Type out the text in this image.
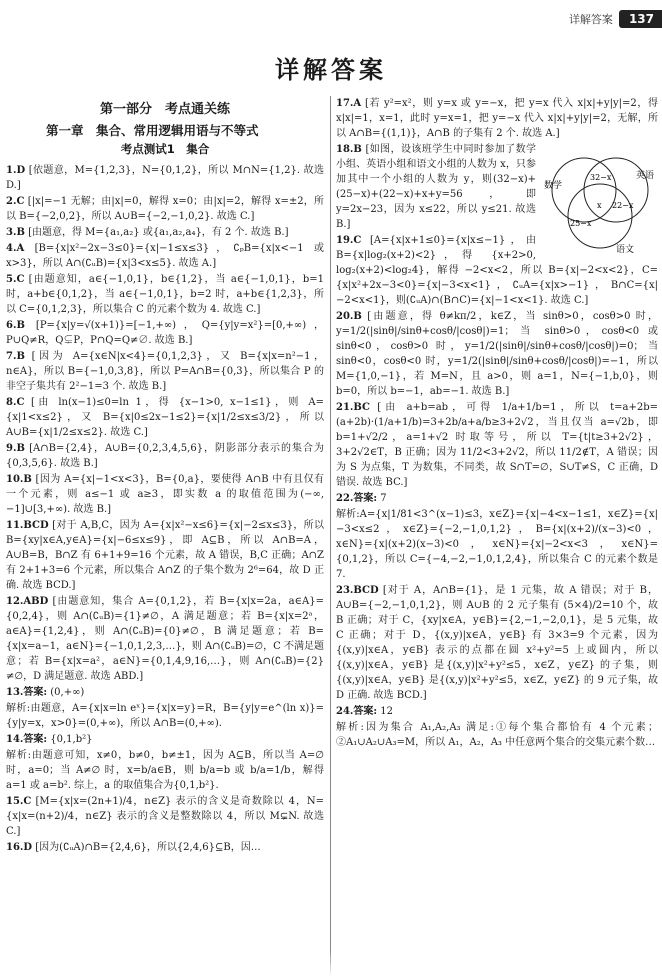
详解答案	137
详解答案
第一部分　考点通关练
第一章　集合、常用逻辑用语与不等式
考点测试1　集合
1.D [依题意，M={1,2,3}，N={0,1,2}，所以 M∩N={1,2}. 故选 D.]
2.C [|x|=−1 无解；由|x|=0，解得 x=0；由|x|=2，解得 x=±2，所以 B={−2,0,2}，所以 A∪B={−2,−1,0,2}. 故选 C.]
3.B [由题意，得 M={a₁,a₂} 或{a₁,a₂,a₄}，有 2 个. 故选 B.]
4.A [B={x|x²−2x−3≤0}={x|−1≤x≤3}，∁ₚB={x|x<−1 或 x>3}，所以 A∩(∁ᵤB)={x|3<x≤5}. 故选 A.]
5.C [由题意知，a∈{−1,0,1}，b∈{1,2}，当 a∈{−1,0,1}，b=1 时，a+b∈{0,1,2}，当 a∈{−1,0,1}，b=2 时，a+b∈{1,2,3}，所以 C={0,1,2,3}，所以集合 C 的元素个数为 4. 故选 C.]
6.B [P={x|y=√(x+1)}=[−1,+∞)，Q={y|y=x²}=[0,+∞)，P∪Q≠R，Q⊊P，P∩Q=Q≠∅. 故选 B.]
7.B [因为 A={x∈N|x<4}={0,1,2,3}，又 B={x|x=n²−1，n∈A}，所以 B={−1,0,3,8}，所以 P=A∩B={0,3}，所以集合 P 的非空子集共有 2²−1=3 个. 故选 B.]
8.C [由 ln(x−1)≤0=ln 1，得 {x−1>0, x−1≤1}，则 A={x|1<x≤2}，又 B={x|0≤2x−1≤2}={x|1/2≤x≤3/2}，所以 A∪B={x|1/2≤x≤2}. 故选 C.]
9.B [A∩B={2,4}，A∪B={0,2,3,4,5,6}，阴影部分表示的集合为{0,3,5,6}. 故选 B.]
10.B [因为 A={x|−1<x<3}，B={0,a}，要使得 A∩B 中有且仅有一个元素，则 a≤−1 或 a≥3，即实数 a 的取值范围为(−∞,−1]∪[3,+∞). 故选 B.]
11.BCD [对于 A,B,C，因为 A={x|x²−x≤6}={x|−2≤x≤3}，所以 B={xy|x∈A,y∈A}={x|−6≤x≤9}，即 A⊆B，所以 A∩B=A，A∪B=B，B∩Z 有 6+1+9=16 个元素，故 A 错误，B,C 正确；A∩Z 有 2+1+3=6 个元素，所以集合 A∩Z 的子集个数为 2⁶=64，故 D 正确. 故选 BCD.]
12.ABD [由题意知，集合 A={0,1,2}，若 B={x|x=2a，a∈A}={0,2,4}，则 A∩(∁ᵤB)={1}≠∅，A 满足题意；若 B={x|x=2ᵃ，a∈A}={1,2,4}，则 A∩(∁ᵤB)={0}≠∅，B 满足题意；若 B={x|x=a−1，a∈N}={−1,0,1,2,3,…}，则 A∩(∁ᵤB)=∅，C 不满足题意；若 B={x|x=a²，a∈N}={0,1,4,9,16,…}，则 A∩(∁ᵤB)={2}≠∅，D 满足题意. 故选 ABD.]
13.答案: (0,+∞)
解析:由题意，A={x|x=ln eˣ}={x|x=y}=R，B={y|y=e^(ln x)}={y|y=x，x>0}=(0,+∞)，所以 A∩B=(0,+∞).
14.答案: {0,1,b²}
解析:由题意可知，x≠0，b≠0，b≠±1，因为 A⊆B，所以当 A=∅ 时，a=0；当 A≠∅ 时，x=b/a∈B，则 b/a=b 或 b/a=1/b，解得 a=1 或 a=b². 综上，a 的取值集合为{0,1,b²}.
15.C [M={x|x=(2n+1)/4，n∈Z} 表示的含义是奇数除以 4，N={x|x=(n+2)/4，n∈Z} 表示的含义是整数除以 4，所以 M⊊N. 故选 C.]
16.D [因为(∁ᵤA)∩B={2,4,6}，所以{2,4,6}⊆B，因…
17.A [若 y²=x²，则 y=x 或 y=−x，把 y=x 代入 x|x|+y|y|=2，得 x|x|=1，x=1，此时 y=x=1，把 y=−x 代入 x|x|+y|y|=2，无解，所以 A∩B={(1,1)}，A∩B 的子集有 2 个. 故选 A.]
数学
英语
语文
32−x
22−x
25−x
x
18.B [如图，设该班学生中同时参加了数学小组、英语小组和语文小组的人数为 x，只参加其中一个小组的人数为 y，则(32−x)+(25−x)+(22−x)+x+y=56，即 y=2x−23，因为 x≤22，所以 y≤21. 故选 B.]
19.C [A={x|x+1≤0}={x|x≤−1}，由 B={x|log₂(x+2)<2}，得 {x+2>0, log₂(x+2)<log₂4}，解得 −2<x<2，所以 B={x|−2<x<2}，C={x|x²+2x−3<0}={x|−3<x<1}，∁ᵤA={x|x>−1}，B∩C={x|−2<x<1}，则(∁ᵤA)∩(B∩C)={x|−1<x<1}. 故选 C.]
20.B [由题意，得 θ≠kπ/2，k∈Z，当 sinθ>0，cosθ>0 时，y=1/2(|sinθ|/sinθ+cosθ/|cosθ|)=1；当 sinθ>0，cosθ<0 或 sinθ<0，cosθ>0 时，y=1/2(|sinθ|/sinθ+cosθ/|cosθ|)=0；当 sinθ<0，cosθ<0 时，y=1/2(|sinθ|/sinθ+cosθ/|cosθ|)=−1，所以 M={1,0,−1}，若 M=N，且 a>0，则 a=1，N={−1,b,0}，则 b=0，所以 b=−1，ab=−1. 故选 B.]
21.BC [由 a+b=ab，可得 1/a+1/b=1，所以 t=a+2b=(a+2b)·(1/a+1/b)=3+2b/a+a/b≥3+2√2，当且仅当 a=√2b，即 b=1+√2/2，a=1+√2 时取等号，所以 T={t|t≥3+2√2}，3+2√2∈T，B 正确；因为 11/2<3+2√2，所以 11/2∉T，A 错误；因为 S 为点集，T 为数集，不同类，故 S∩T=∅，S∪T≠S，C 正确，D 错误. 故选 BC.]
22.答案: 7
解析:A={x|1/81<3^(x−1)≤3，x∈Z}={x|−4<x−1≤1，x∈Z}={x|−3<x≤2，x∈Z}={−2,−1,0,1,2}，B={x|(x+2)/(x−3)<0，x∈N}={x|(x+2)(x−3)<0，x∈N}={x|−2<x<3，x∈N}={0,1,2}，所以 C={−4,−2,−1,0,1,2,4}，所以集合 C 的元素个数是 7.
23.BCD [对于 A，A∩B={1}，是 1 元集，故 A 错误；对于 B，A∪B={−2,−1,0,1,2}，则 A∪B 的 2 元子集有 (5×4)/2=10 个，故 B 正确；对于 C，{xy|x∈A，y∈B}={2,−1,−2,0,1}，是 5 元集，故 C 正确；对于 D，{(x,y)|x∈A，y∈B} 有 3×3=9 个元素，因为{(x,y)|x∈A，y∈B} 表示的点都在圆 x²+y²=5 上或圆内，所以{(x,y)|x∈A，y∈B} 是{(x,y)|x²+y²≤5，x∈Z，y∈Z} 的子集，则{(x,y)|x∈A，y∈B} 是{(x,y)|x²+y²≤5，x∈Z，y∈Z} 的 9 元子集，故 D 正确. 故选 BCD.]
24.答案: 12
解析:因为集合 A₁,A₂,A₃ 满足:①每个集合都恰有 4 个元素；②A₁∪A₂∪A₃=M，所以 A₁，A₂，A₃ 中任意两个集合的交集元素个数…
